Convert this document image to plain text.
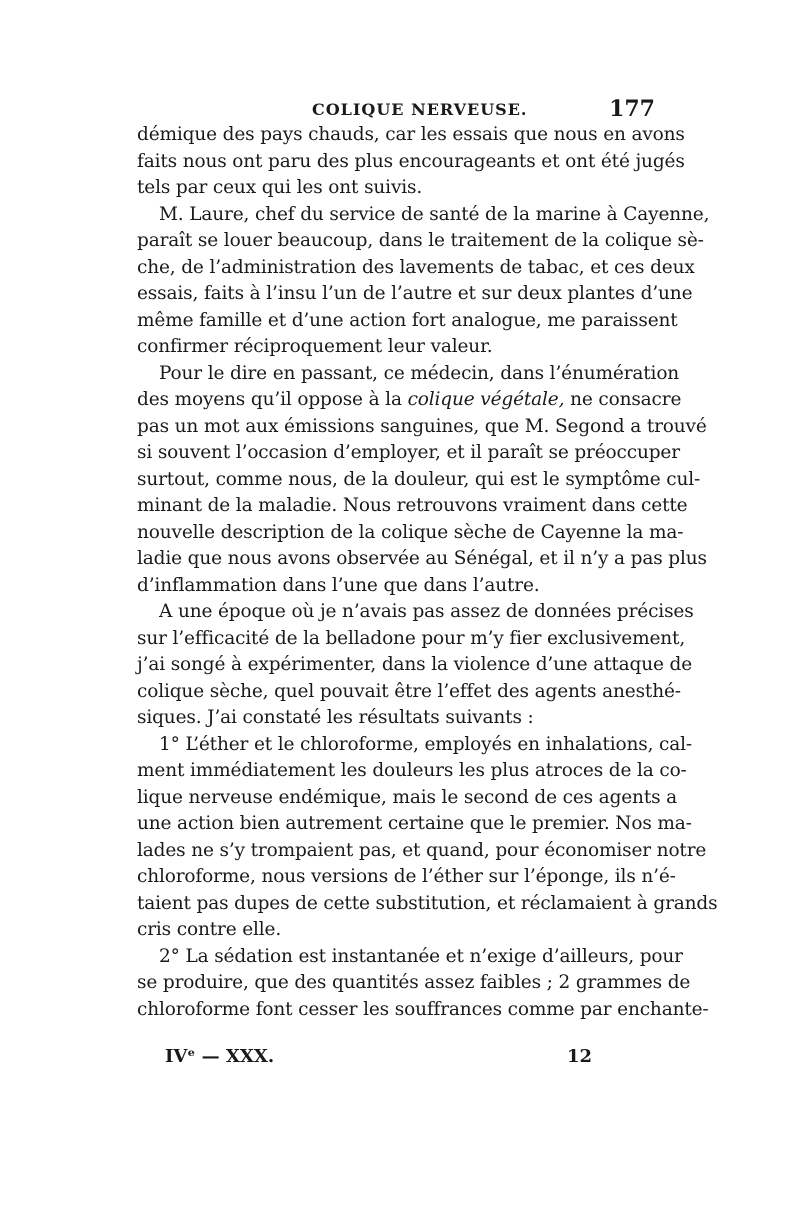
COLIQUE NERVEUSE.	177
démique des pays chauds, car les essais que nous en avons
faits nous ont paru des plus encourageants et ont été jugés
tels par ceux qui les ont suivis.
M. Laure, chef du service de santé de la marine à Cayenne,
paraît se louer beaucoup, dans le traitement de la colique sè-
che, de l’administration des lavements de tabac, et ces deux
essais, faits à l’insu l’un de l’autre et sur deux plantes d’une
même famille et d’une action fort analogue, me paraissent
confirmer réciproquement leur valeur.
Pour le dire en passant, ce médecin, dans l’énumération
des moyens qu’il oppose à la colique végétale, ne consacre
pas un mot aux émissions sanguines, que M. Segond a trouvé
si souvent l’occasion d’employer, et il paraît se préoccuper
surtout, comme nous, de la douleur, qui est le symptôme cul-
minant de la maladie. Nous retrouvons vraiment dans cette
nouvelle description de la colique sèche de Cayenne la ma-
ladie que nous avons observée au Sénégal, et il n’y a pas plus
d’inflammation dans l’une que dans l’autre.
A une époque où je n’avais pas assez de données précises
sur l’efficacité de la belladone pour m’y fier exclusivement,
j’ai songé à expérimenter, dans la violence d’une attaque de
colique sèche, quel pouvait être l’effet des agents anesthé-
siques. J’ai constaté les résultats suivants :
1° L’éther et le chloroforme, employés en inhalations, cal-
ment immédiatement les douleurs les plus atroces de la co-
lique nerveuse endémique, mais le second de ces agents a
une action bien autrement certaine que le premier. Nos ma-
lades ne s’y trompaient pas, et quand, pour économiser notre
chloroforme, nous versions de l’éther sur l’éponge, ils n’é-
taient pas dupes de cette substitution, et réclamaient à grands
cris contre elle.
2° La sédation est instantanée et n’exige d’ailleurs, pour
se produire, que des quantités assez faibles ; 2 grammes de
chloroforme font cesser les souffrances comme par enchante-
IVᵉ — XXX.	12
